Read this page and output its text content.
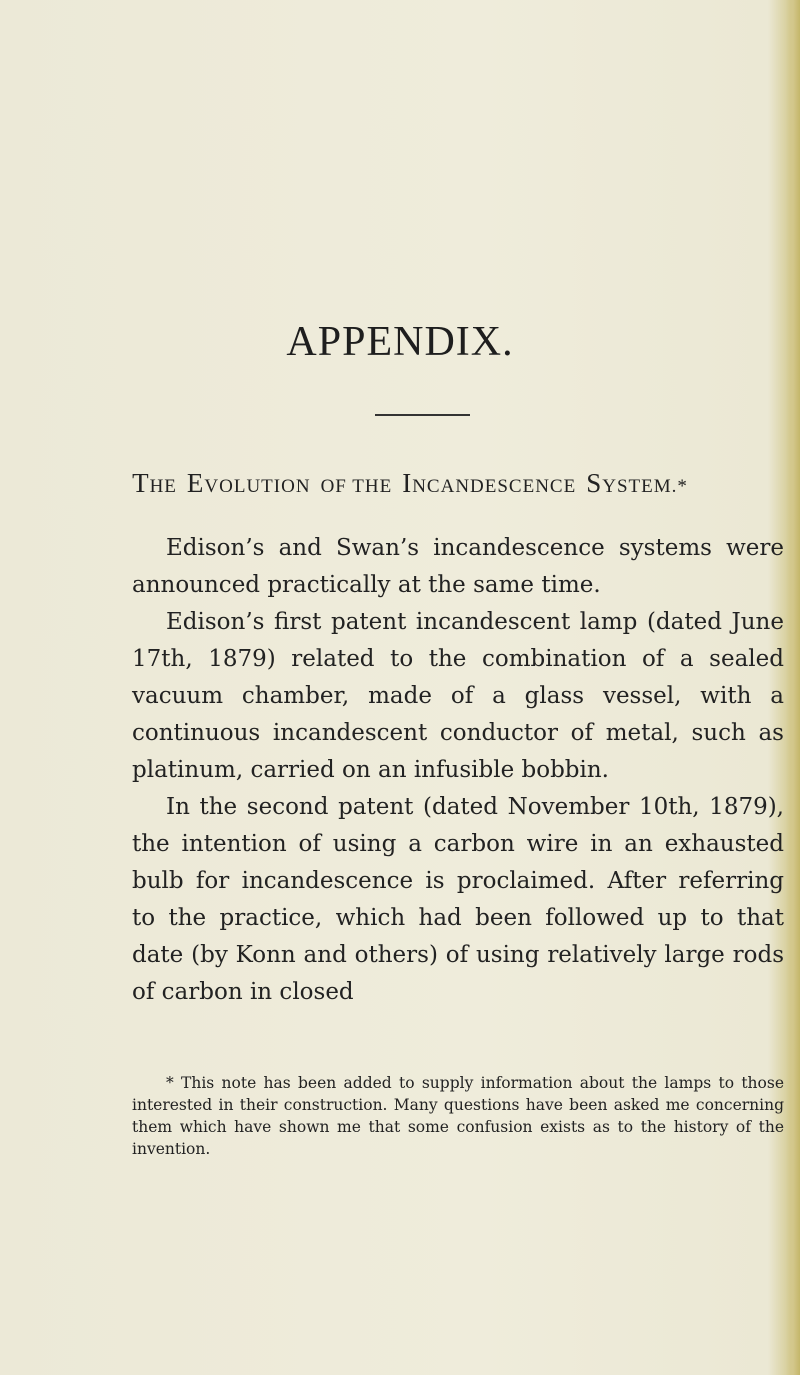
APPENDIX.
THE EVOLUTION OF THE INCANDESCENCE SYSTEM.*

Edison’s and Swan’s incandescence systems were announced practically at the same time.

Edison’s first patent incandescent lamp (dated June 17th, 1879) related to the combination of a sealed vacuum chamber, made of a glass vessel, with a continuous incandescent conductor of metal, such as platinum, carried on an infusible bobbin.

In the second patent (dated November 10th, 1879), the intention of using a carbon wire in an exhausted bulb for incandescence is proclaimed. After referring to the practice, which had been followed up to that date (by Konn and others) of using relatively large rods of carbon in closed

* This note has been added to supply information about the lamps to those interested in their construction. Many questions have been asked me concerning them which have shown me that some confusion exists as to the history of the invention.
